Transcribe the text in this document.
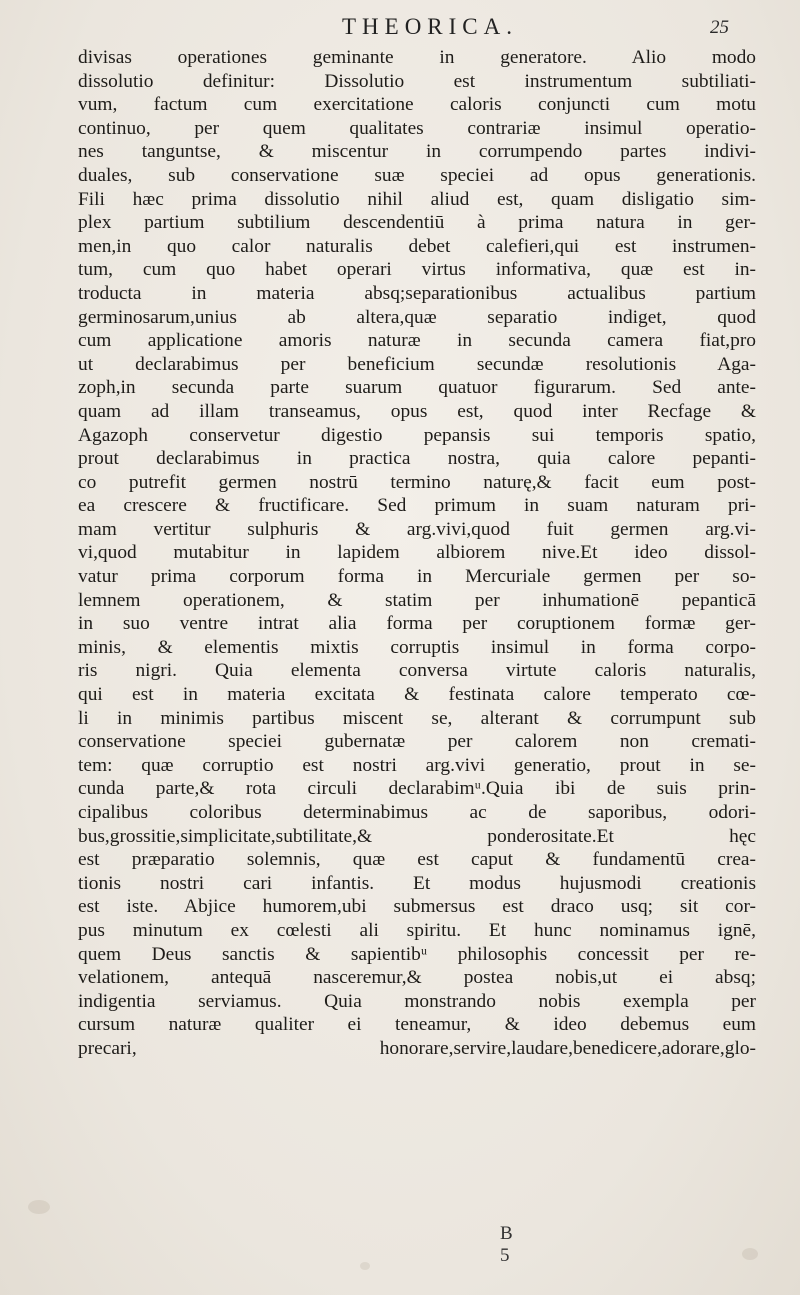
THEORICA.	25
divisas operationes geminante in generatore. Alio modo
dissolutio definitur: Dissolutio est instrumentum subtiliati-
vum, factum cum exercitatione caloris conjuncti cum motu
continuo, per quem qualitates contrariæ insimul operatio-
nes tanguntse, & miscentur in corrumpendo partes indivi-
duales, sub conservatione suæ speciei ad opus generationis.
Fili hæc prima dissolutio nihil aliud est, quam disligatio sim-
plex partium subtilium descendentiū à prima natura in ger-
men,in quo calor naturalis debet calefieri,qui est instrumen-
tum, cum quo habet operari virtus informativa, quæ est in-
troducta in materia absq;separationibus actualibus partium
germinosarum,unius ab altera,quæ separatio indiget, quod
cum applicatione amoris naturæ in secunda camera fiat,pro
ut declarabimus per beneficium secundæ resolutionis Aga-
zoph,in secunda parte suarum quatuor figurarum. Sed ante-
quam ad illam transeamus, opus est, quod inter Recfage &
Agazoph conservetur digestio pepansis sui temporis spatio,
prout declarabimus in practica nostra, quia calore pepanti-
co putrefit germen nostrū termino naturę,& facit eum post-
ea crescere & fructificare. Sed primum in suam naturam pri-
mam vertitur sulphuris & arg.vivi,quod fuit germen arg.vi-
vi,quod mutabitur in lapidem albiorem nive.Et ideo dissol-
vatur prima corporum forma in Mercuriale germen per so-
lemnem operationem, & statim per inhumationē pepanticā
in suo ventre intrat alia forma per coruptionem formæ ger-
minis, & elementis mixtis corruptis insimul in forma corpo-
ris nigri. Quia elementa conversa virtute caloris naturalis,
qui est in materia excitata & festinata calore temperato cœ-
li in minimis partibus miscent se, alterant & corrumpunt sub
conservatione speciei gubernatæ per calorem non cremati-
tem: quæ corruptio est nostri arg.vivi generatio, prout in se-
cunda parte,& rota circuli declarabimᵘ.Quia ibi de suis prin-
cipalibus coloribus determinabimus ac de saporibus, odori-
bus,grossitie,simplicitate,subtilitate,& ponderositate.Et hęc
est præparatio solemnis, quæ est caput & fundamentū crea-
tionis nostri cari infantis. Et modus hujusmodi creationis
est iste. Abjice humorem,ubi submersus est draco usq; sit cor-
pus minutum ex cœlesti ali spiritu. Et hunc nominamus ignē,
quem Deus sanctis & sapientibᵘ philosophis concessit per re-
velationem, antequā nasceremur,& postea nobis,ut ei absq;
indigentia serviamus. Quia monstrando nobis exempla per
cursum naturæ qualiter ei teneamur, & ideo debemus eum
precari, honorare,servire,laudare,benedicere,adorare,glo-
B 5
